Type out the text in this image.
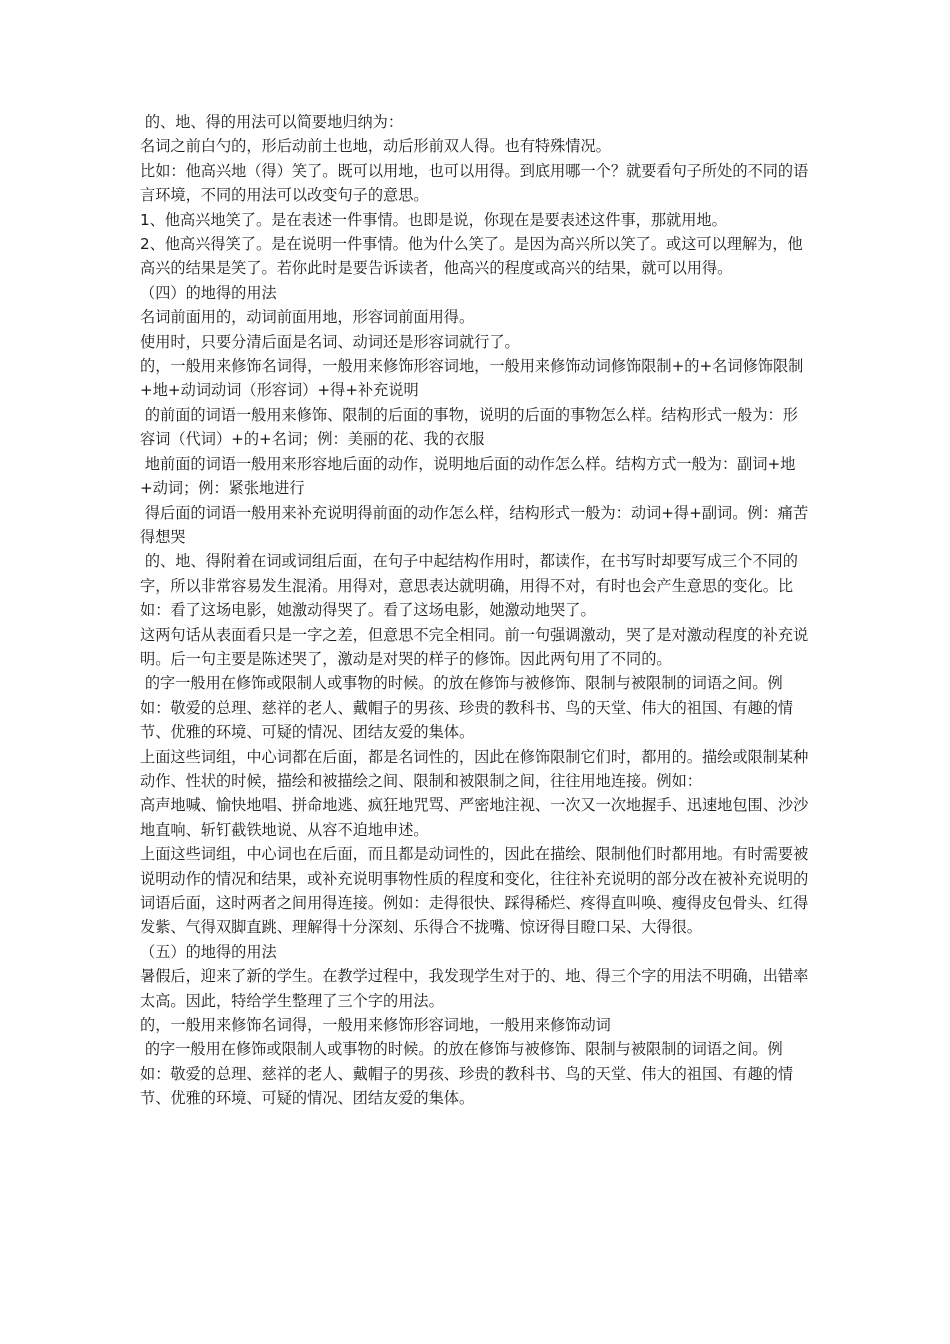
的、地、得的用法可以简要地归纳为：

名词之前白勺的，形后动前土也地，动后形前双人得。也有特殊情况。

比如：他高兴地（得）笑了。既可以用地，也可以用得。到底用哪一个？就要看句子所处的不同的语言环境，不同的用法可以改变句子的意思。

1、他高兴地笑了。是在表述一件事情。也即是说，你现在是要表述这件事，那就用地。

2、他高兴得笑了。是在说明一件事情。他为什么笑了。是因为高兴所以笑了。或这可以理解为，他高兴的结果是笑了。若你此时是要告诉读者，他高兴的程度或高兴的结果，就可以用得。

（四）的地得的用法

名词前面用的，动词前面用地，形容词前面用得。

使用时，只要分清后面是名词、动词还是形容词就行了。

的，一般用来修饰名词得，一般用来修饰形容词地，一般用来修饰动词修饰限制+的+名词修饰限制+地+动词动词（形容词）+得+补充说明

的前面的词语一般用来修饰、限制的后面的事物，说明的后面的事物怎么样。结构形式一般为：形容词（代词）+的+名词；例：美丽的花、我的衣服

地前面的词语一般用来形容地后面的动作，说明地后面的动作怎么样。结构方式一般为：副词+地+动词；例：紧张地进行

得后面的词语一般用来补充说明得前面的动作怎么样，结构形式一般为：动词+得+副词。例：痛苦得想哭

的、地、得附着在词或词组后面，在句子中起结构作用时，都读作，在书写时却要写成三个不同的字，所以非常容易发生混淆。用得对，意思表达就明确，用得不对，有时也会产生意思的变化。比如：看了这场电影，她激动得哭了。看了这场电影，她激动地哭了。

这两句话从表面看只是一字之差，但意思不完全相同。前一句强调激动，哭了是对激动程度的补充说明。后一句主要是陈述哭了，激动是对哭的样子的修饰。因此两句用了不同的。

的字一般用在修饰或限制人或事物的时候。的放在修饰与被修饰、限制与被限制的词语之间。例如：敬爱的总理、慈祥的老人、戴帽子的男孩、珍贵的教科书、鸟的天堂、伟大的祖国、有趣的情节、优雅的环境、可疑的情况、团结友爱的集体。

上面这些词组，中心词都在后面，都是名词性的，因此在修饰限制它们时，都用的。描绘或限制某种动作、性状的时候，描绘和被描绘之间、限制和被限制之间，往往用地连接。例如：

高声地喊、愉快地唱、拼命地逃、疯狂地咒骂、严密地注视、一次又一次地握手、迅速地包围、沙沙地直响、斩钉截铁地说、从容不迫地申述。

上面这些词组，中心词也在后面，而且都是动词性的，因此在描绘、限制他们时都用地。有时需要被说明动作的情况和结果，或补充说明事物性质的程度和变化，往往补充说明的部分改在被补充说明的词语后面，这时两者之间用得连接。例如：走得很快、踩得稀烂、疼得直叫唤、瘦得皮包骨头、红得发紫、气得双脚直跳、理解得十分深刻、乐得合不拢嘴、惊讶得目瞪口呆、大得很。

（五）的地得的用法

暑假后，迎来了新的学生。在教学过程中，我发现学生对于的、地、得三个字的用法不明确，出错率太高。因此，特给学生整理了三个字的用法。

的，一般用来修饰名词得，一般用来修饰形容词地，一般用来修饰动词

的字一般用在修饰或限制人或事物的时候。的放在修饰与被修饰、限制与被限制的词语之间。例如：敬爱的总理、慈祥的老人、戴帽子的男孩、珍贵的教科书、鸟的天堂、伟大的祖国、有趣的情节、优雅的环境、可疑的情况、团结友爱的集体。
